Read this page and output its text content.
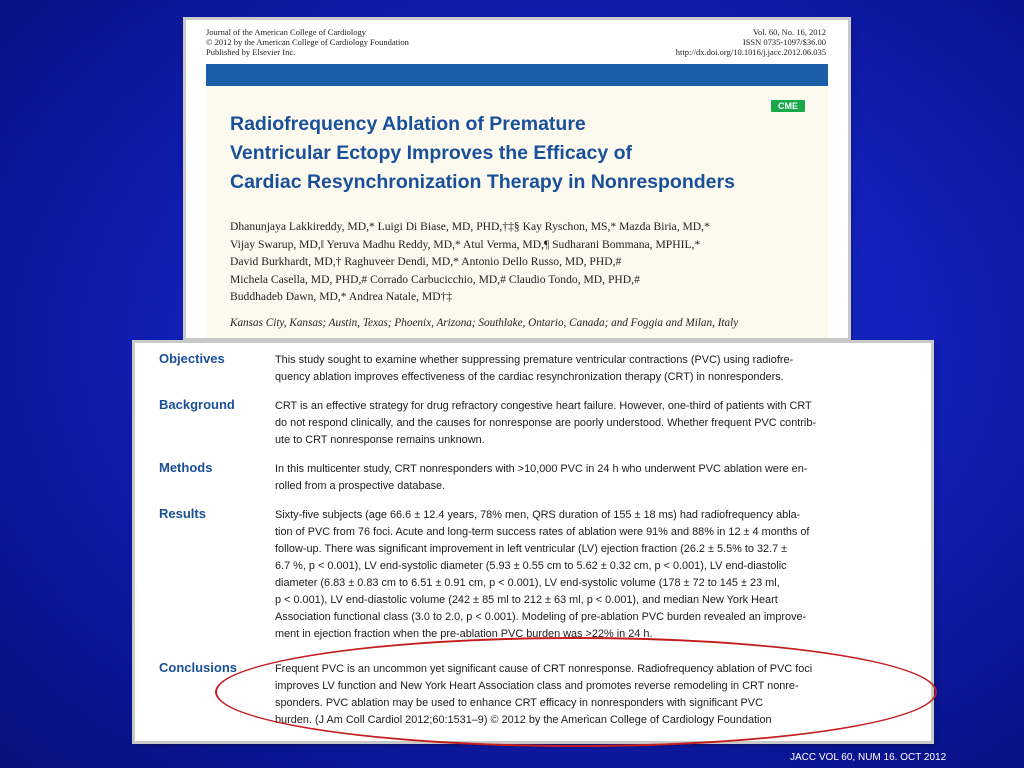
Journal of the American College of Cardiology
© 2012 by the American College of Cardiology Foundation
Published by Elsevier Inc.
Vol. 60, No. 16, 2012
ISSN 0735-1097/$36.00
http://dx.doi.org/10.1016/j.jacc.2012.06.035
CME
Radiofrequency Ablation of Premature
Ventricular Ectopy Improves the Efficacy of
Cardiac Resynchronization Therapy in Nonresponders
Dhanunjaya Lakkireddy, MD,* Luigi Di Biase, MD, PHD,†‡§ Kay Ryschon, MS,* Mazda Biria, MD,*
Vijay Swarup, MD,‖ Yeruva Madhu Reddy, MD,* Atul Verma, MD,¶ Sudharani Bommana, MPHIL,*
David Burkhardt, MD,† Raghuveer Dendi, MD,* Antonio Dello Russo, MD, PHD,#
Michela Casella, MD, PHD,# Corrado Carbucicchio, MD,# Claudio Tondo, MD, PHD,#
Buddhadeb Dawn, MD,* Andrea Natale, MD†‡
Kansas City, Kansas; Austin, Texas; Phoenix, Arizona; Southlake, Ontario, Canada; and Foggia and Milan, Italy
Objectives	This study sought to examine whether suppressing premature ventricular contractions (PVC) using radiofre-
quency ablation improves effectiveness of the cardiac resynchronization therapy (CRT) in nonresponders.
Background	CRT is an effective strategy for drug refractory congestive heart failure. However, one-third of patients with CRT
do not respond clinically, and the causes for nonresponse are poorly understood. Whether frequent PVC contrib-
ute to CRT nonresponse remains unknown.
Methods	In this multicenter study, CRT nonresponders with >10,000 PVC in 24 h who underwent PVC ablation were en-
rolled from a prospective database.
Results	Sixty-five subjects (age 66.6 ± 12.4 years, 78% men, QRS duration of 155 ± 18 ms) had radiofrequency abla-
tion of PVC from 76 foci. Acute and long-term success rates of ablation were 91% and 88% in 12 ± 4 months of
follow-up. There was significant improvement in left ventricular (LV) ejection fraction (26.2 ± 5.5% to 32.7 ±
6.7 %, p < 0.001), LV end-systolic diameter (5.93 ± 0.55 cm to 5.62 ± 0.32 cm, p < 0.001), LV end-diastolic
diameter (6.83 ± 0.83 cm to 6.51 ± 0.91 cm, p < 0.001), LV end-systolic volume (178 ± 72 to 145 ± 23 ml,
p < 0.001), LV end-diastolic volume (242 ± 85 ml to 212 ± 63 ml, p < 0.001), and median New York Heart
Association functional class (3.0 to 2.0, p < 0.001). Modeling of pre-ablation PVC burden revealed an improve-
ment in ejection fraction when the pre-ablation PVC burden was >22% in 24 h.
Conclusions	Frequent PVC is an uncommon yet significant cause of CRT nonresponse. Radiofrequency ablation of PVC foci
improves LV function and New York Heart Association class and promotes reverse remodeling in CRT nonre-
sponders. PVC ablation may be used to enhance CRT efficacy in nonresponders with significant PVC
burden. (J Am Coll Cardiol 2012;60:1531–9) © 2012 by the American College of Cardiology Foundation
JACC VOL 60, NUM 16. OCT 2012
